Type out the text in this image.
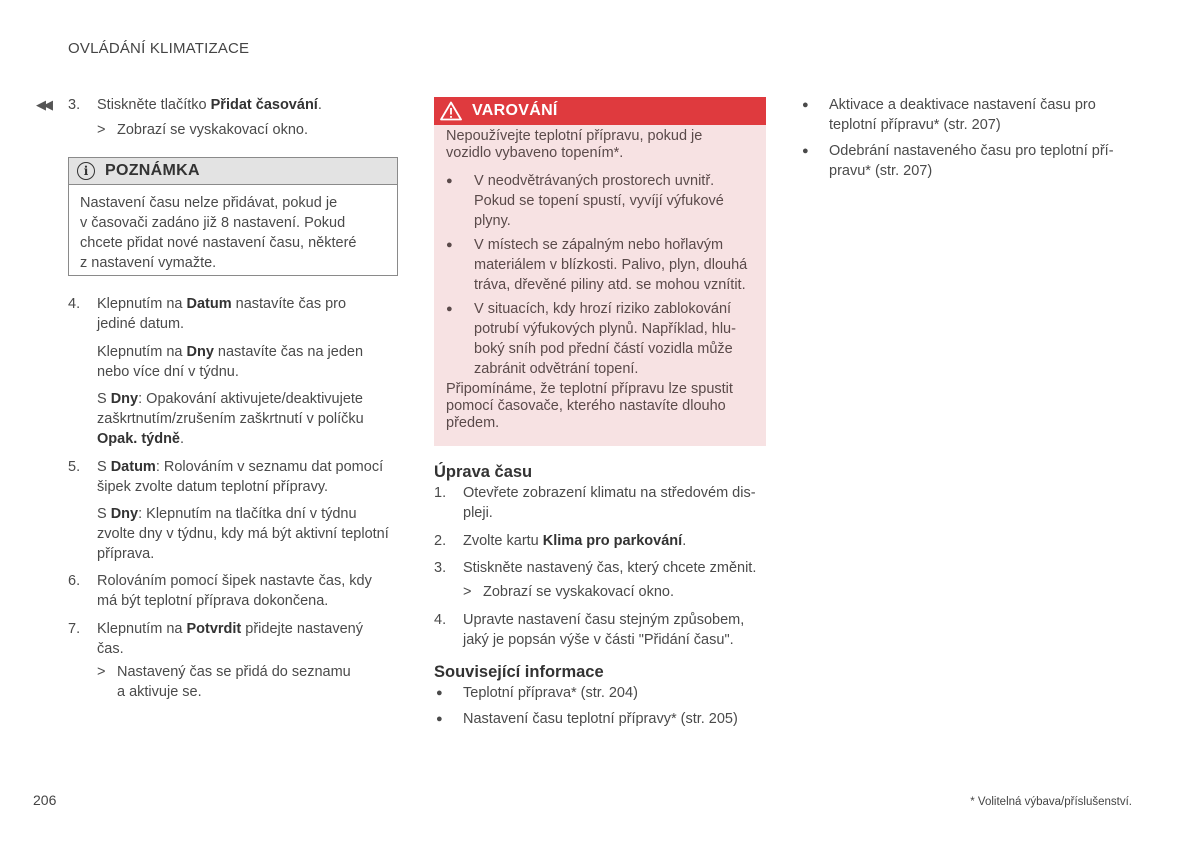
OVLÁDÁNÍ KLIMATIZACE
◀◀ 3.	Stiskněte tlačítko Přidat časování.
> Zobrazí se vyskakovací okno.
i	POZNÁMKA
Nastavení času nelze přidávat, pokud je
v časovači zadáno již 8 nastavení. Pokud
chcete přidat nové nastavení času, některé
z nastavení vymažte.
4.	Klepnutím na Datum nastavíte čas pro
jediné datum.
Klepnutím na Dny nastavíte čas na jeden
nebo více dní v týdnu.
S Dny: Opakování aktivujete/deaktivujete
zaškrtnutím/zrušením zaškrtnutí v políčku
Opak. týdně.
5.	S Datum: Rolováním v seznamu dat pomocí
šipek zvolte datum teplotní přípravy.
S Dny: Klepnutím na tlačítka dní v týdnu
zvolte dny v týdnu, kdy má být aktivní teplotní
příprava.
6.	Rolováním pomocí šipek nastavte čas, kdy
má být teplotní příprava dokončena.
7.	Klepnutím na Potvrdit přidejte nastavený
čas.
> Nastavený čas se přidá do seznamu
a aktivuje se.
VAROVÁNÍ
Nepoužívejte teplotní přípravu, pokud je
vozidlo vybaveno topením*.
● V neodvětrávaných prostorech uvnitř.
Pokud se topení spustí, vyvíjí výfukové
plyny.
● V místech se zápalným nebo hořlavým
materiálem v blízkosti. Palivo, plyn, dlouhá
tráva, dřevěné piliny atd. se mohou vznítit.
● V situacích, kdy hrozí riziko zablokování
potrubí výfukových plynů. Například, hlu-
boký sníh pod přední částí vozidla může
zabránit odvětrání topení.
Připomínáme, že teplotní přípravu lze spustit
pomocí časovače, kterého nastavíte dlouho
předem.
Úprava času
1.	Otevřete zobrazení klimatu na středovém dis-
pleji.
2.	Zvolte kartu Klima pro parkování.
3.	Stiskněte nastavený čas, který chcete změnit.
> Zobrazí se vyskakovací okno.
4.	Upravte nastavení času stejným způsobem,
jaký je popsán výše v části "Přidání času".
Související informace
● Teplotní příprava* (str. 204)
● Nastavení času teplotní přípravy* (str. 205)
● Aktivace a deaktivace nastavení času pro
teplotní přípravu* (str. 207)
● Odebrání nastaveného času pro teplotní pří-
pravu* (str. 207)
206	* Volitelná výbava/příslušenství.
